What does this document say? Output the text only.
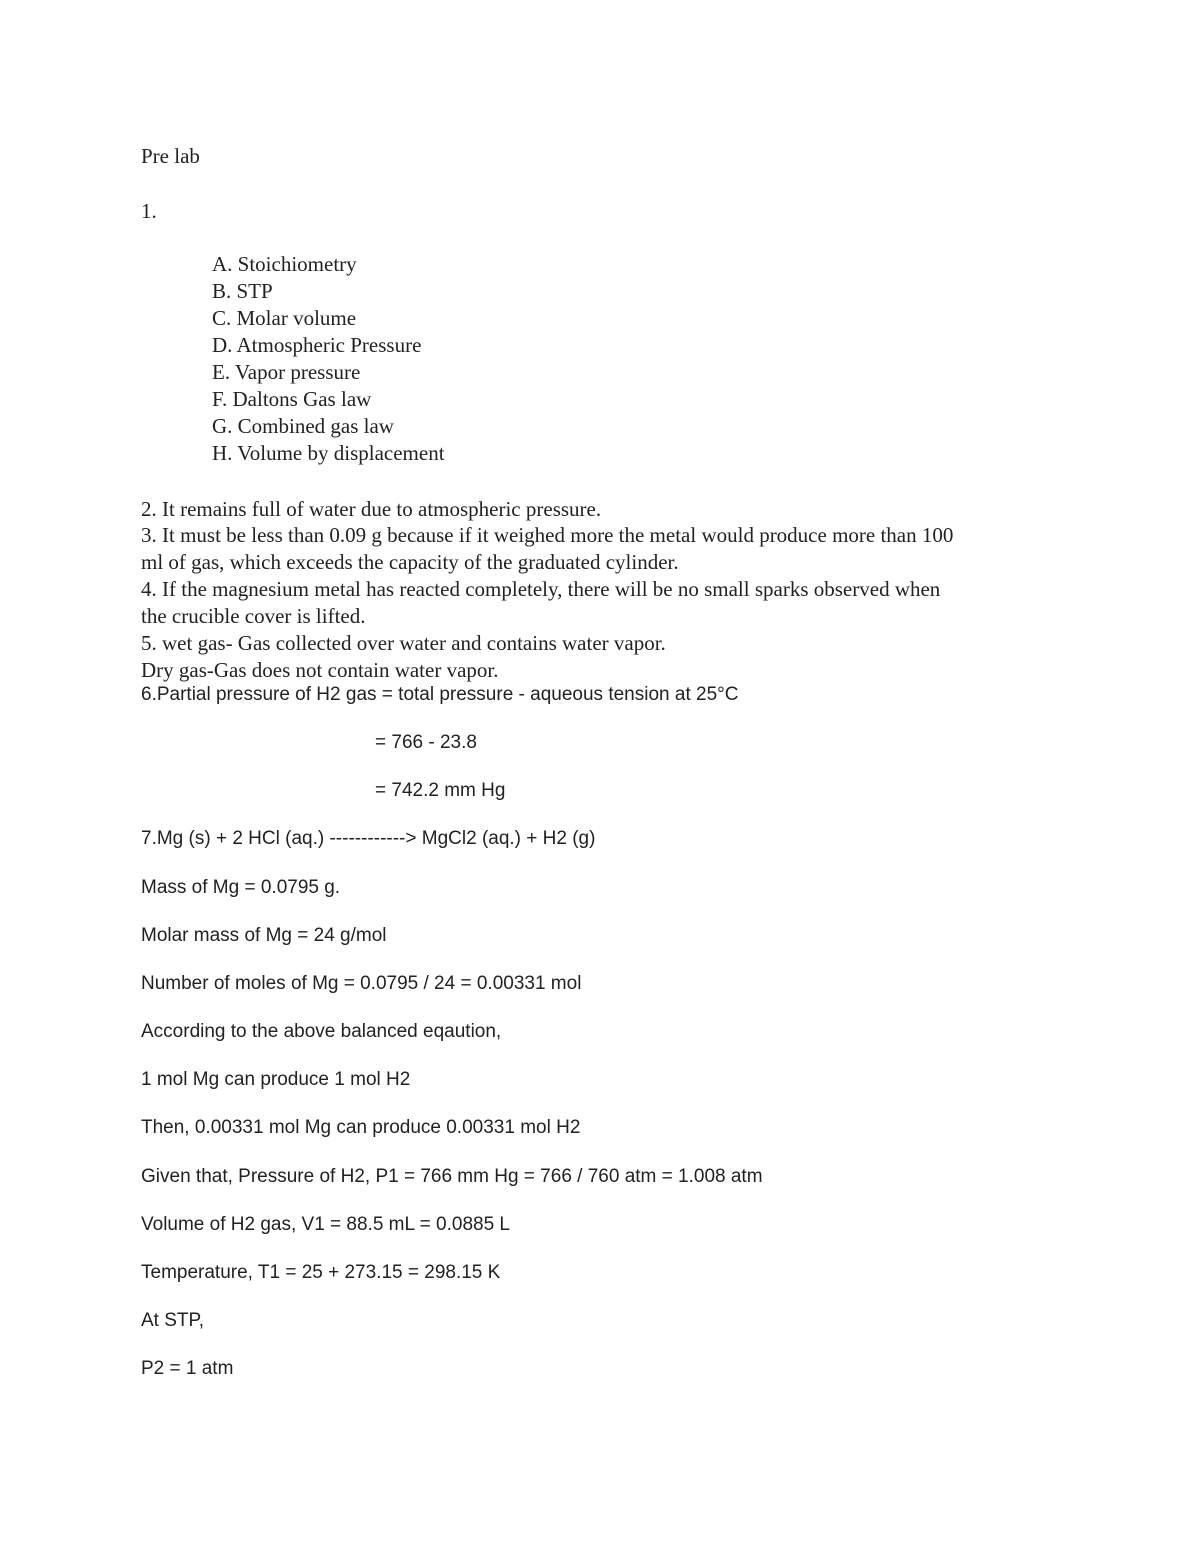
Pre lab
1.
A. Stoichiometry
B. STP
C. Molar volume
D. Atmospheric Pressure
E. Vapor pressure
F. Daltons Gas law
G. Combined gas law
H. Volume by displacement
2. It remains full of water due to atmospheric pressure.
3. It must be less than 0.09 g because if it weighed more the metal would produce more than 100
ml of gas, which exceeds the capacity of the graduated cylinder.
4. If the magnesium metal has reacted completely, there will be no small sparks observed when
the crucible cover is lifted.
5. wet gas- Gas collected over water and contains water vapor.
Dry gas-Gas does not contain water vapor.
6.Partial pressure of H2 gas = total pressure - aqueous tension at 25°C
= 766 - 23.8
= 742.2 mm Hg
7.Mg (s) + 2 HCl (aq.) ------------> MgCl2 (aq.) + H2 (g)
Mass of Mg = 0.0795 g.
Molar mass of Mg = 24 g/mol
Number of moles of Mg = 0.0795 / 24 = 0.00331 mol
According to the above balanced eqaution,
1 mol Mg can produce 1 mol H2
Then, 0.00331 mol Mg can produce 0.00331 mol H2
Given that, Pressure of H2, P1 = 766 mm Hg = 766 / 760 atm = 1.008 atm
Volume of H2 gas, V1 = 88.5 mL = 0.0885 L
Temperature, T1 = 25 + 273.15 = 298.15 K
At STP,
P2 = 1 atm
